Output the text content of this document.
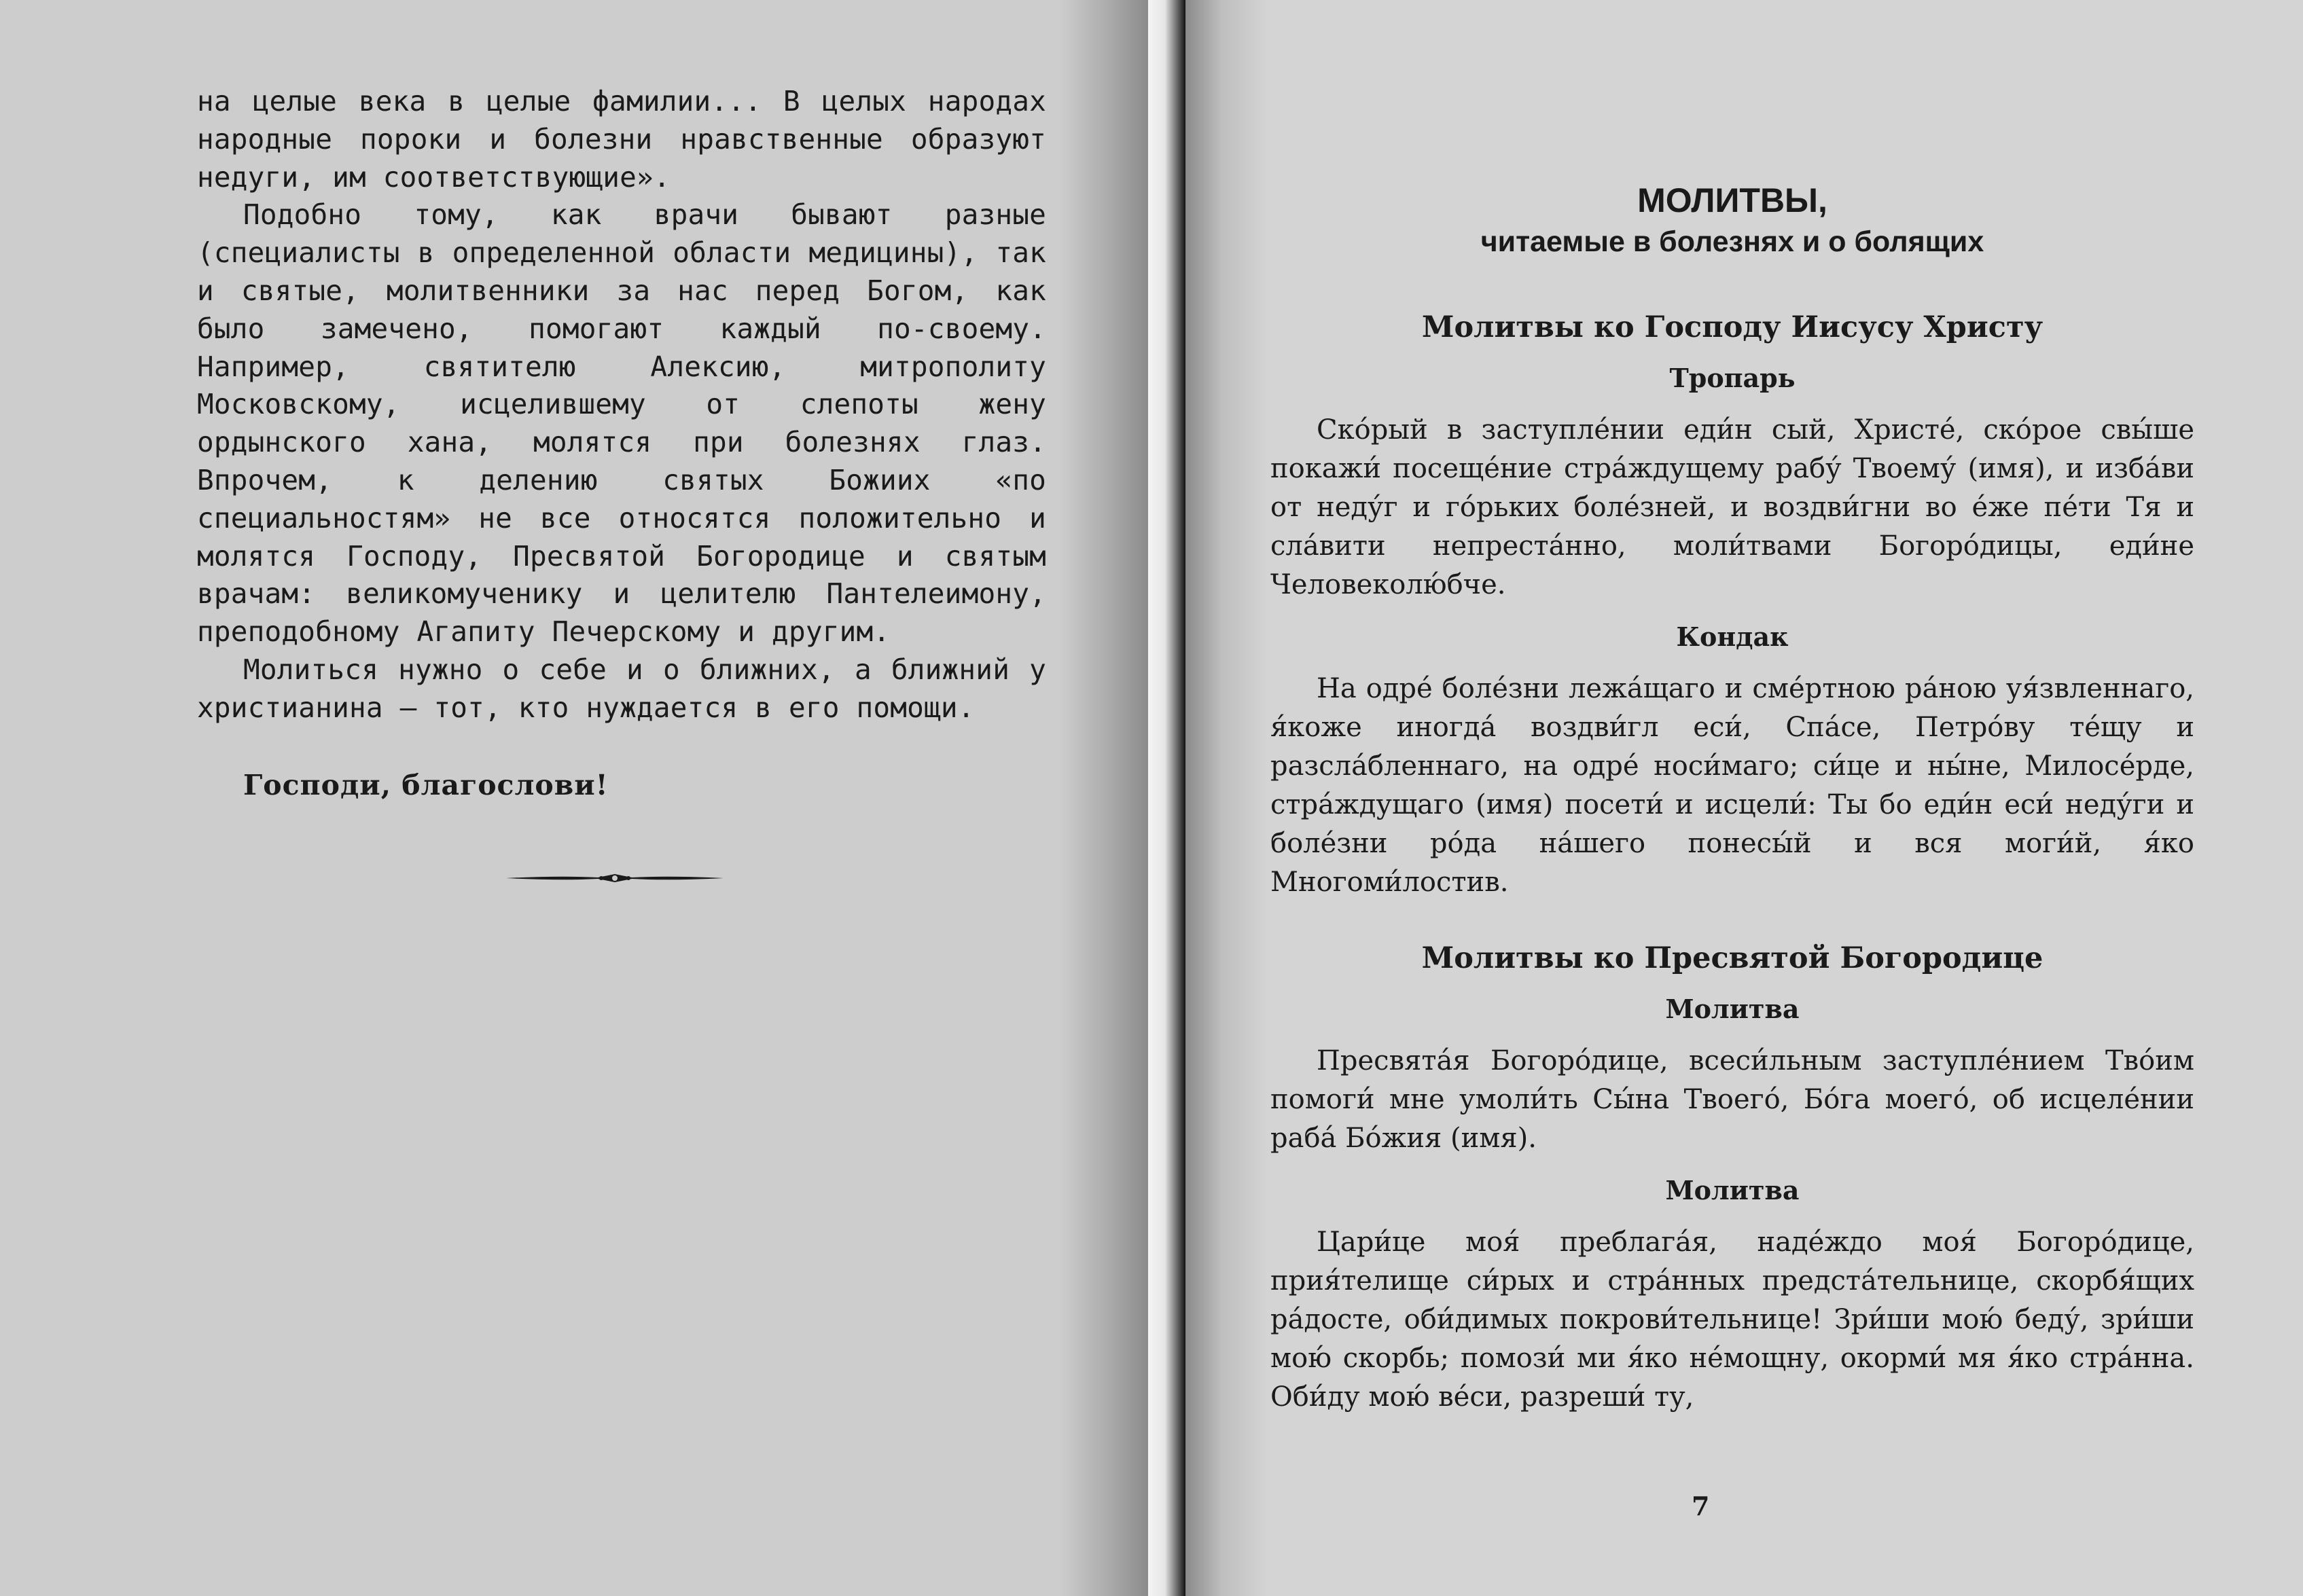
на целые века в целые фамилии... В целых народах народные пороки и болезни нравственные образуют недуги, им соответствующие».

Подобно тому, как врачи бывают разные (специалисты в определенной области медицины), так и святые, молитвенники за нас перед Богом, как было замечено, помогают каждый по-своему. Например, святителю Алексию, митрополиту Московскому, исцелившему от слепоты жену ордынского хана, молятся при болезнях глаз. Впрочем, к делению святых Божиих «по специальностям» не все относятся положительно и молятся Господу, Пресвятой Богородице и святым врачам: великомученику и целителю Пантелеимону, преподобному Агапиту Печерскому и другим.

Молиться нужно о себе и о ближних, а ближний у христианина — тот, кто нуждается в его помощи.

Господи, благослови!

МОЛИТВЫ,
читаемые в болезнях и о болящих
Молитвы ко Господу Иисусу Христу
Тропарь

Ско́рый в заступле́нии еди́н сый, Христе́, ско́рое свы́ше покажи́ посеще́ние стра́ждущему рабу́ Твоему́ (имя), и изба́ви от неду́г и го́рьких боле́зней, и воздви́гни во е́же пе́ти Тя и сла́вити непреста́нно, моли́твами Богоро́дицы, еди́не Человеколю́бче.

Кондак

На одре́ боле́зни лежа́щаго и сме́ртною ра́ною уя́звленнаго, я́коже иногда́ воздви́гл еси́, Спа́се, Петро́ву те́щу и разсла́бленнаго, на одре́ носи́маго; си́це и ны́не, Милосе́рде, стра́ждущаго (имя) посети́ и исцели́: Ты бо еди́н еси́ неду́ги и боле́зни ро́да на́шего понесы́й и вся моги́й, я́ко Многоми́лостив.

Молитвы ко Пресвятой Богородице
Молитва

Пресвята́я Богоро́дице, всеси́льным заступле́нием Тво́им помоги́ мне умоли́ть Сы́на Твоего́, Бо́га моего́, об исцеле́нии раба́ Бо́жия (имя).

Молитва

Цари́це моя́ преблага́я, наде́ждо моя́ Богоро́дице, прия́телище си́рых и стра́нных предста́тельнице, скорбя́щих ра́досте, оби́димых покрови́тельнице! Зри́ши мою́ беду́, зри́ши мою́ скорбь; помози́ ми я́ко не́мощну, окорми́ мя я́ко стра́нна. Оби́ду мою́ ве́си, разреши́ ту,

7
